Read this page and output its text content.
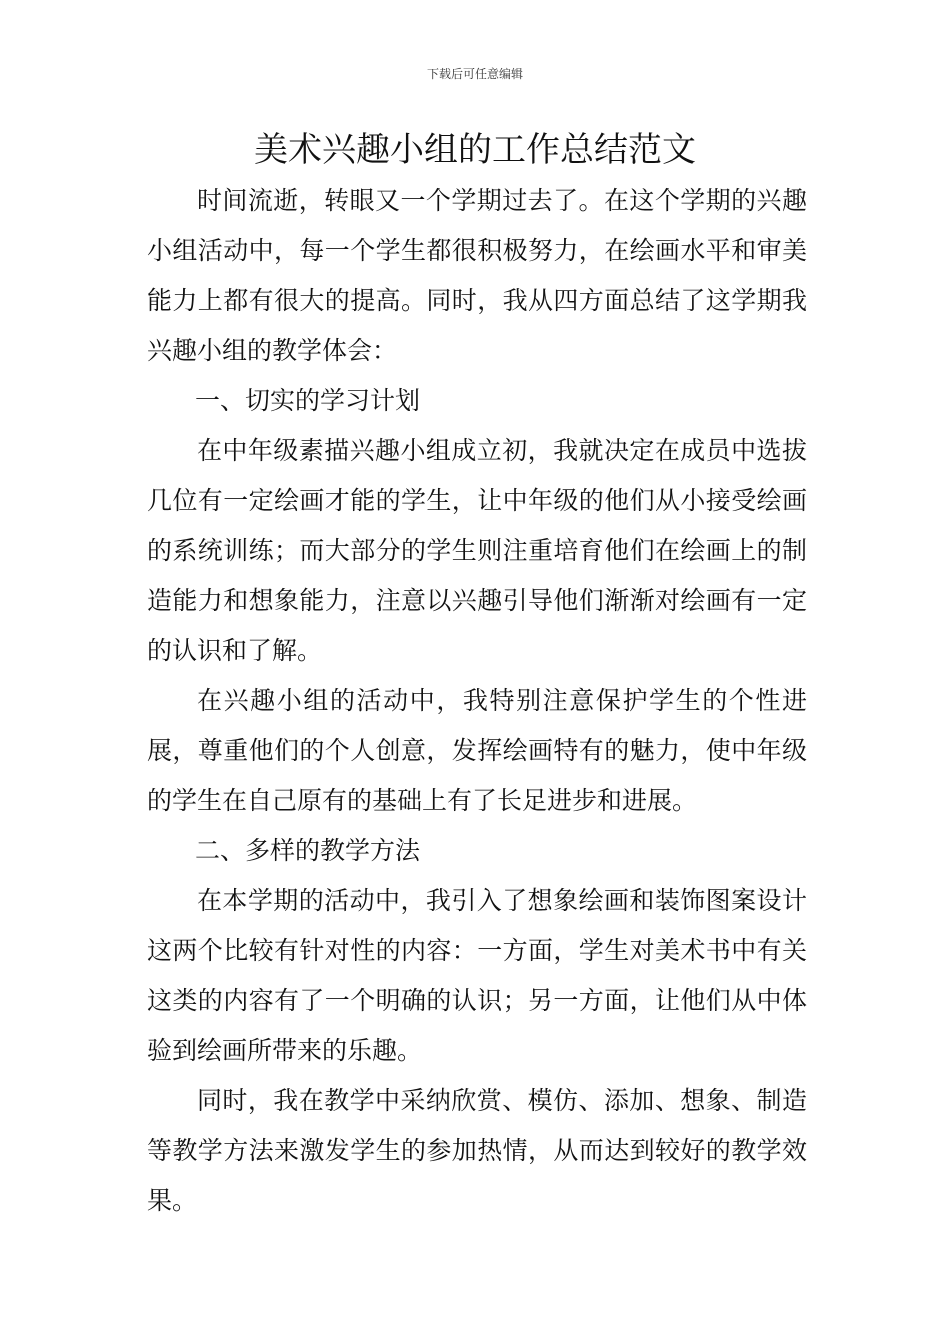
下载后可任意编辑
美术兴趣小组的工作总结范文

时间流逝，转眼又一个学期过去了。在这个学期的兴趣小组活动中，每一个学生都很积极努力，在绘画水平和审美能力上都有很大的提高。同时，我从四方面总结了这学期我兴趣小组的教学体会：

一、切实的学习计划

在中年级素描兴趣小组成立初，我就决定在成员中选拔几位有一定绘画才能的学生，让中年级的他们从小接受绘画的系统训练；而大部分的学生则注重培育他们在绘画上的制造能力和想象能力，注意以兴趣引导他们渐渐对绘画有一定的认识和了解。

在兴趣小组的活动中，我特别注意保护学生的个性进展，尊重他们的个人创意，发挥绘画特有的魅力，使中年级的学生在自己原有的基础上有了长足进步和进展。

二、多样的教学方法

在本学期的活动中，我引入了想象绘画和装饰图案设计这两个比较有针对性的内容：一方面，学生对美术书中有关这类的内容有了一个明确的认识；另一方面，让他们从中体验到绘画所带来的乐趣。

同时，我在教学中采纳欣赏、模仿、添加、想象、制造等教学方法来激发学生的参加热情，从而达到较好的教学效果。
